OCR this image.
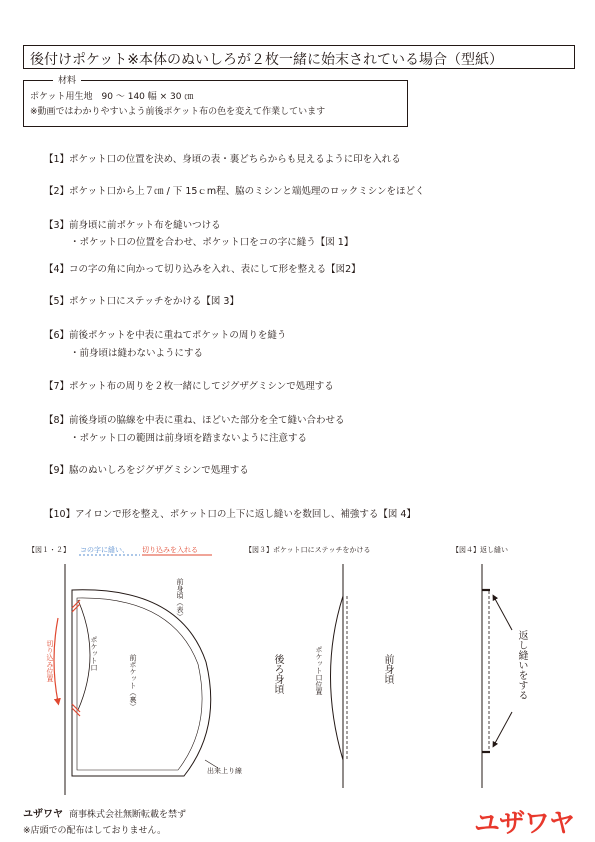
後付けポケット※本体のぬいしろが２枚一緒に始末されている場合（型紙）
材料
ポケット用生地　90 〜 140 幅 × 30 ㎝
※動画ではわかりやすいよう前後ポケット布の色を変えて作業しています
【1】ポケット口の位置を決め、身頃の表・裏どちらからも見えるように印を入れる
【2】ポケット口から上７㎝ / 下 15ｃm程、脇のミシンと端処理のロックミシンをほどく
【3】前身頃に前ポケット布を縫いつける
・ポケット口の位置を合わせ、ポケット口をコの字に縫う【図 1】
【4】コの字の角に向かって切り込みを入れ、表にして形を整える【図2】
【5】ポケット口にステッチをかける【図 3】
【6】前後ポケットを中表に重ねてポケットの周りを縫う
・前身頃は縫わないようにする
【7】ポケット布の周りを２枚一緒にしてジグザグミシンで処理する
【8】前後身頃の脇線を中表に重ね、ほどいた部分を全て縫い合わせる
・ポケット口の範囲は前身頃を踏まないように注意する
【9】脇のぬいしろをジグザグミシンで処理する
【10】アイロンで形を整え、ポケット口の上下に返し縫いを数回し、補強する【図 4】
【図１・２】 コの字に縫い、 切り込みを入れる
前身頃（表）
ポケット口
前ポケット（裏）
切り込み位置
出来上り線
【図３】ポケット口にステッチをかける
後ろ身頃	ポケット口位置	前身頃
【図４】返し縫い
返し縫いをする
ユザワヤ 商事株式会社無断転載を禁ず
※店頭での配布はしておりません。	ユザワヤ
